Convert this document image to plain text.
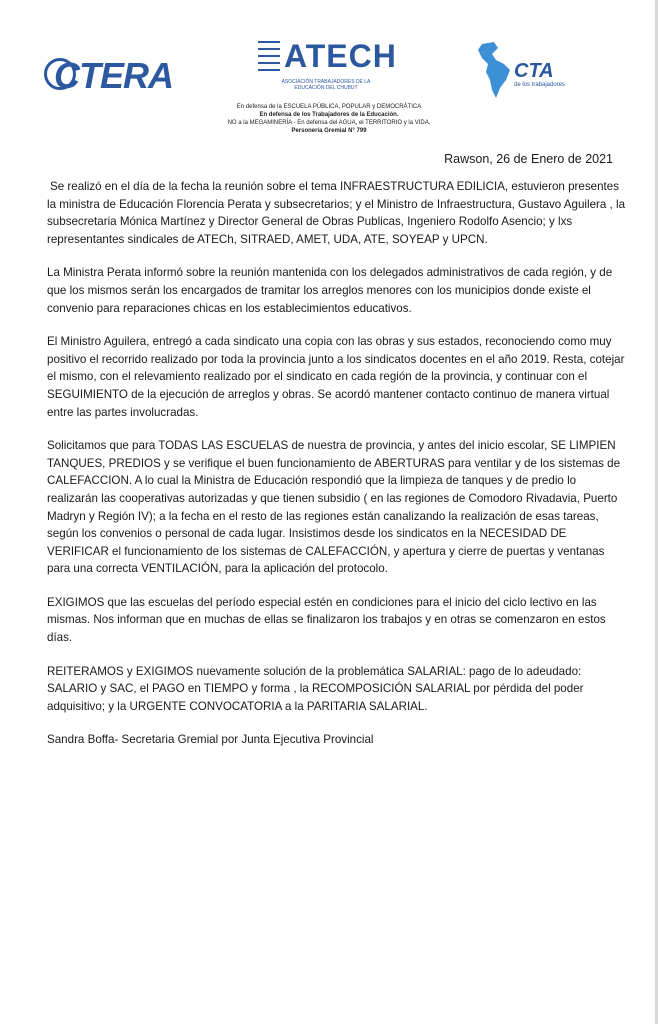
CTERA	ATECH
ASOCIACIÓN TRABAJADORES DE LA EDUCACIÓN DEL CHUBUT
CTA
de los trabajadores
En defensa de la ESCUELA PÚBLICA, POPULAR y DEMOCRÁTICA
En defensa de los Trabajadores de la Educación.
NO a la MEGAMINERÍA - En defensa del AGUA, el TERRITORIO y la VIDA.
Personería Gremial N° 799
Rawson, 26 de Enero de 2021

Se realizó en el día de la fecha la reunión sobre el tema INFRAESTRUCTURA EDILICIA, estuvieron presentes la ministra de Educación Florencia Perata y subsecretarios; y el Ministro de Infraestructura, Gustavo Aguilera , la subsecretaria Mónica Martínez y Director General de Obras Publicas, Ingeniero Rodolfo Asencio; y lxs representantes sindicales de ATECh, SITRAED, AMET, UDA, ATE, SOYEAP y UPCN.

La Ministra Perata informó sobre la reunión mantenida con los delegados administrativos de cada región, y de que los mismos serán los encargados de tramitar los arreglos menores con los municipios donde existe el convenio para reparaciones chicas en los establecimientos educativos.

El Ministro Aguilera, entregó a cada sindicato una copia con las obras y sus estados, reconociendo como muy positivo el recorrido realizado por toda la provincia junto a los sindicatos docentes en el año 2019. Resta, cotejar el mismo, con el relevamiento realizado por el sindicato en cada región de la provincia, y continuar con el SEGUIMIENTO de la ejecución de arreglos y obras. Se acordó mantener contacto continuo de manera virtual entre las partes involucradas.

Solicitamos que para TODAS LAS ESCUELAS de nuestra de provincia, y antes del inicio escolar, SE LIMPIEN TANQUES, PREDIOS y se verifique el buen funcionamiento de ABERTURAS para ventilar y de los sistemas de CALEFACCION. A lo cual la Ministra de Educación respondió que la limpieza de tanques y de predio lo realizarán las cooperativas autorizadas y que tienen subsidio ( en las regiones de Comodoro Rivadavia, Puerto Madryn y Región IV); a la fecha en el resto de las regiones están canalizando la realización de esas tareas, según los convenios o personal de cada lugar. Insistimos desde los sindicatos en la NECESIDAD DE VERIFICAR el funcionamiento de los sistemas de CALEFACCIÓN, y apertura y cierre de puertas y ventanas para una correcta VENTILACIÓN, para la aplicación del protocolo.

EXIGIMOS que las escuelas del período especial estén en condiciones para el inicio del ciclo lectivo en las mismas. Nos informan que en muchas de ellas se finalizaron los trabajos y en otras se comenzaron en estos días.

REITERAMOS y EXIGIMOS nuevamente solución de la problemática SALARIAL: pago de lo adeudado: SALARIO y SAC, el PAGO en TIEMPO y forma , la RECOMPOSICIÓN SALARIAL por pérdida del poder adquisitivo; y la URGENTE CONVOCATORIA a la PARITARIA SALARIAL.

Sandra Boffa- Secretaria Gremial por Junta Ejecutiva Provincial
